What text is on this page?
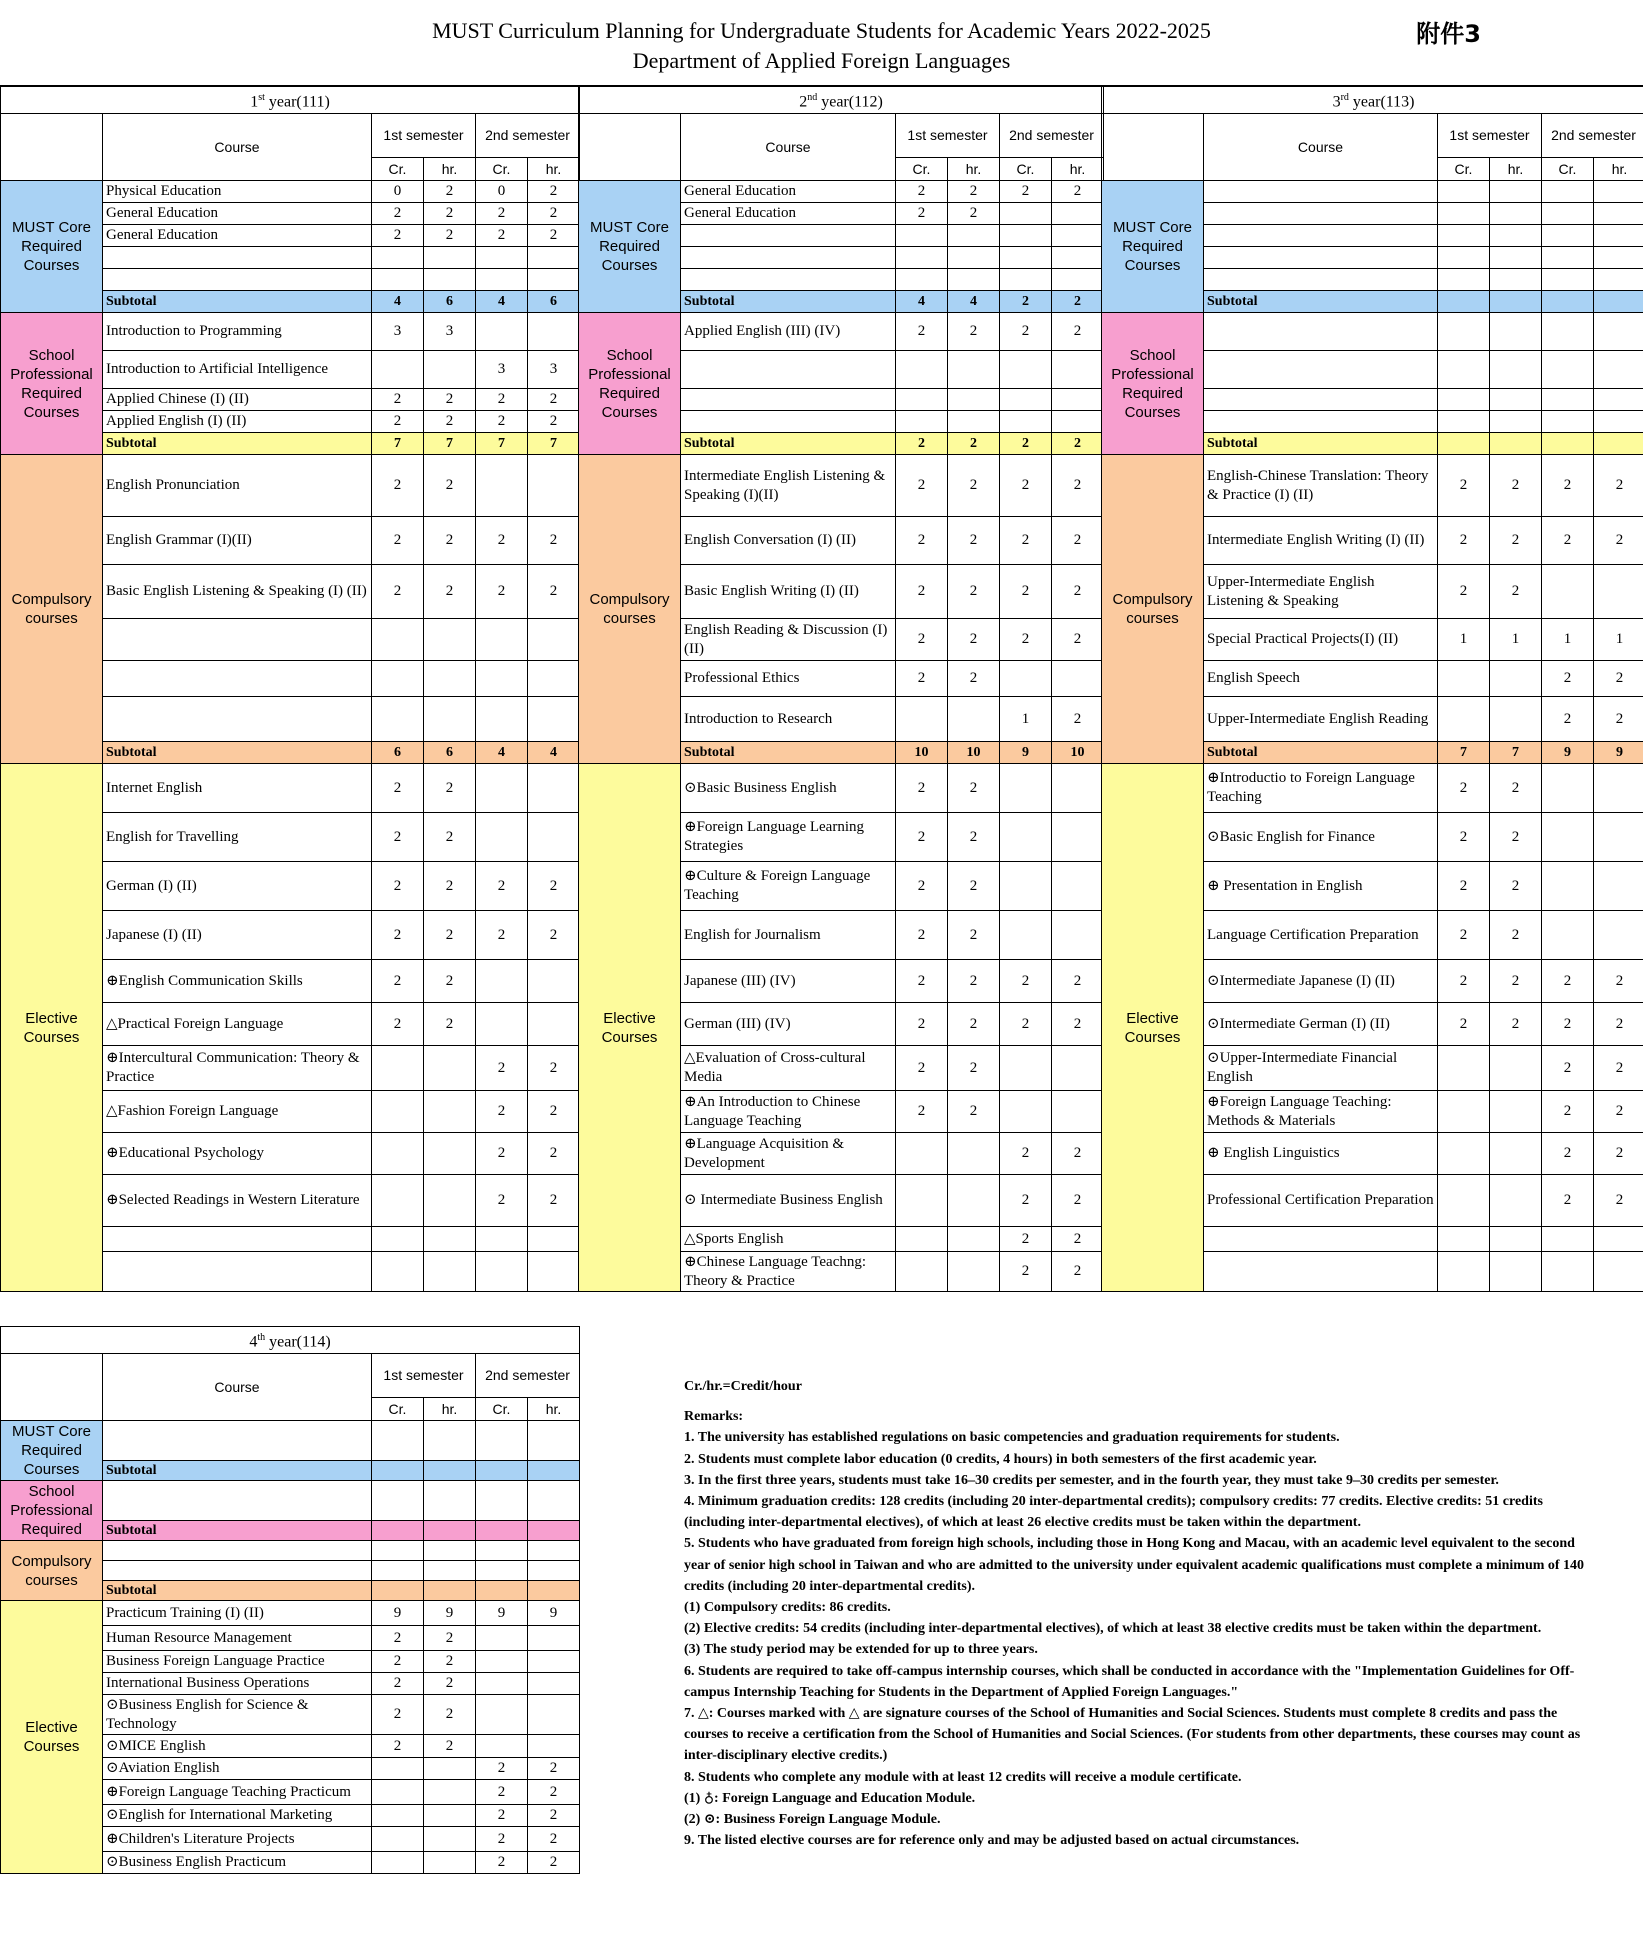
MUST Curriculum Planning for Undergraduate Students for Academic Years 2022-2025
Department of Applied Foreign Languages
附件3
1st year(111)					
	Course	1st semester		2nd semester	
		Cr.	hr.	Cr.	hr.
MUST Core Required Courses	Physical Education	0	2	0	2
	General Education	2	2	2	2
	General Education	2	2	2	2

	Subtotal	4	6	4	6
School Professional Required Courses	Introduction to Programming	3	3		
	Introduction to Artificial Intelligence			3	3
	Applied Chinese (I) (II)	2	2	2	2
	Applied English (I) (II)	2	2	2	2
	Subtotal	7	7	7	7
Compulsory courses	English Pronunciation	2	2		
	English Grammar (I)(II)	2	2	2	2
	Basic English Listening & Speaking (I) (II)	2	2	2	2

	Subtotal	6	6	4	4
Elective Courses	Internet English	2	2		
	English for Travelling	2	2		
	German (I) (II)	2	2	2	2
	Japanese (I) (II)	2	2	2	2
	⊕English Communication Skills	2	2		
	△Practical Foreign Language	2	2		
	⊕Intercultural Communication: Theory & Practice			2	2
	△Fashion Foreign Language			2	2
	⊕Educational Psychology			2	2
	⊕Selected Readings in Western Literature			2	2

2nd year(112)					
	Course	1st semester		2nd semester	
		Cr.	hr.	Cr.	hr.
MUST Core Required Courses	General Education	2	2	2	2
	General Education	2	2		

	Subtotal	4	4	2	2
School Professional Required Courses	Applied English (III) (IV)	2	2	2	2

	Subtotal	2	2	2	2
Compulsory courses	Intermediate English Listening & Speaking (I)(II)	2	2	2	2
	English Conversation (I) (II)	2	2	2	2
	Basic English Writing (I) (II)	2	2	2	2
	English Reading & Discussion (I) (II)	2	2	2	2
	Professional Ethics	2	2		
	Introduction to Research			1	2
	Subtotal	10	10	9	10
Elective Courses	⊙Basic Business English	2	2		
	⊕Foreign Language Learning Strategies	2	2		
	⊕Culture & Foreign Language Teaching	2	2		
	English for Journalism	2	2		
	Japanese (III) (IV)	2	2	2	2
	German (III) (IV)	2	2	2	2
	△Evaluation of Cross-cultural Media	2	2		
	⊕An Introduction to Chinese Language Teaching	2	2		
	⊕Language Acquisition & Development			2	2
	⊙ Intermediate Business English			2	2
	△Sports English			2	2
	⊕Chinese Language Teachng: Theory & Practice			2	2
3rd year(113)					
	Course	1st semester		2nd semester	
		Cr.	hr.	Cr.	hr.
MUST Core Required Courses					

	Subtotal				
School Professional Required Courses					

	Subtotal				
Compulsory courses	English-Chinese Translation: Theory & Practice (I) (II)	2	2	2	2
	Intermediate English Writing (I) (II)	2	2	2	2
	Upper-Intermediate English Listening & Speaking	2	2		
	Special Practical Projects(I) (II)	1	1	1	1
	English Speech			2	2
	Upper-Intermediate English Reading			2	2
	Subtotal	7	7	9	9
Elective Courses	⊕Introductio to Foreign Language Teaching	2	2		
	⊙Basic English for Finance	2	2		
	⊕ Presentation in English	2	2		
	Language Certification Preparation	2	2		
	⊙Intermediate Japanese (I) (II)	2	2	2	2
	⊙Intermediate German (I) (II)	2	2	2	2
	⊙Upper-Intermediate Financial English			2	2
	⊕Foreign Language Teaching: Methods & Materials			2	2
	⊕ English Linguistics			2	2
	Professional Certification Preparation			2	2

4th year(114)					
	Course	1st semester		2nd semester	
		Cr.	hr.	Cr.	hr.
MUST Core Required Courses					
	Subtotal				
School Professional Required					
	Subtotal				
Compulsory courses					

	Subtotal				
Elective Courses	Practicum Training (I) (II)	9	9	9	9
	Human Resource Management	2	2		
	Business Foreign Language Practice	2	2		
	International Business Operations	2	2		
	⊙Business English for Science & Technology	2	2		
	⊙MICE English	2	2		
	⊙Aviation English			2	2
	⊕Foreign Language Teaching Practicum			2	2
	⊙English for International Marketing			2	2
	⊕Children's Literature Projects			2	2
	⊙Business English Practicum			2	2
Cr./hr.=Credit/hour
Remarks:
1. The university has established regulations on basic competencies and graduation requirements for students.
2. Students must complete labor education (0 credits, 4 hours) in both semesters of the first academic year.
3. In the first three years, students must take 16–30 credits per semester, and in the fourth year, they must take 9–30 credits per semester.
4. Minimum graduation credits: 128 credits (including 20 inter-departmental credits); compulsory credits: 77 credits. Elective credits: 51 credits (including inter-departmental electives), of which at least 26 elective credits must be taken within the department.
5. Students who have graduated from foreign high schools, including those in Hong Kong and Macau, with an academic level equivalent to the second year of senior high school in Taiwan and who are admitted to the university under equivalent academic qualifications must complete a minimum of 140 credits (including 20 inter-departmental credits).
(1) Compulsory credits: 86 credits.
(2) Elective credits: 54 credits (including inter-departmental electives), of which at least 38 elective credits must be taken within the department.
(3) The study period may be extended for up to three years.
6. Students are required to take off-campus internship courses, which shall be conducted in accordance with the "Implementation Guidelines for Off-campus Internship Teaching for Students in the Department of Applied Foreign Languages."
7. △: Courses marked with △ are signature courses of the School of Humanities and Social Sciences. Students must complete 8 credits and pass the courses to receive a certification from the School of Humanities and Social Sciences. (For students from other departments, these courses may count as inter-disciplinary elective credits.)
8. Students who complete any module with at least 12 credits will receive a module certificate.
(1) ♁: Foreign Language and Education Module.
(2) ⊙: Business Foreign Language Module.
9. The listed elective courses are for reference only and may be adjusted based on actual circumstances.
